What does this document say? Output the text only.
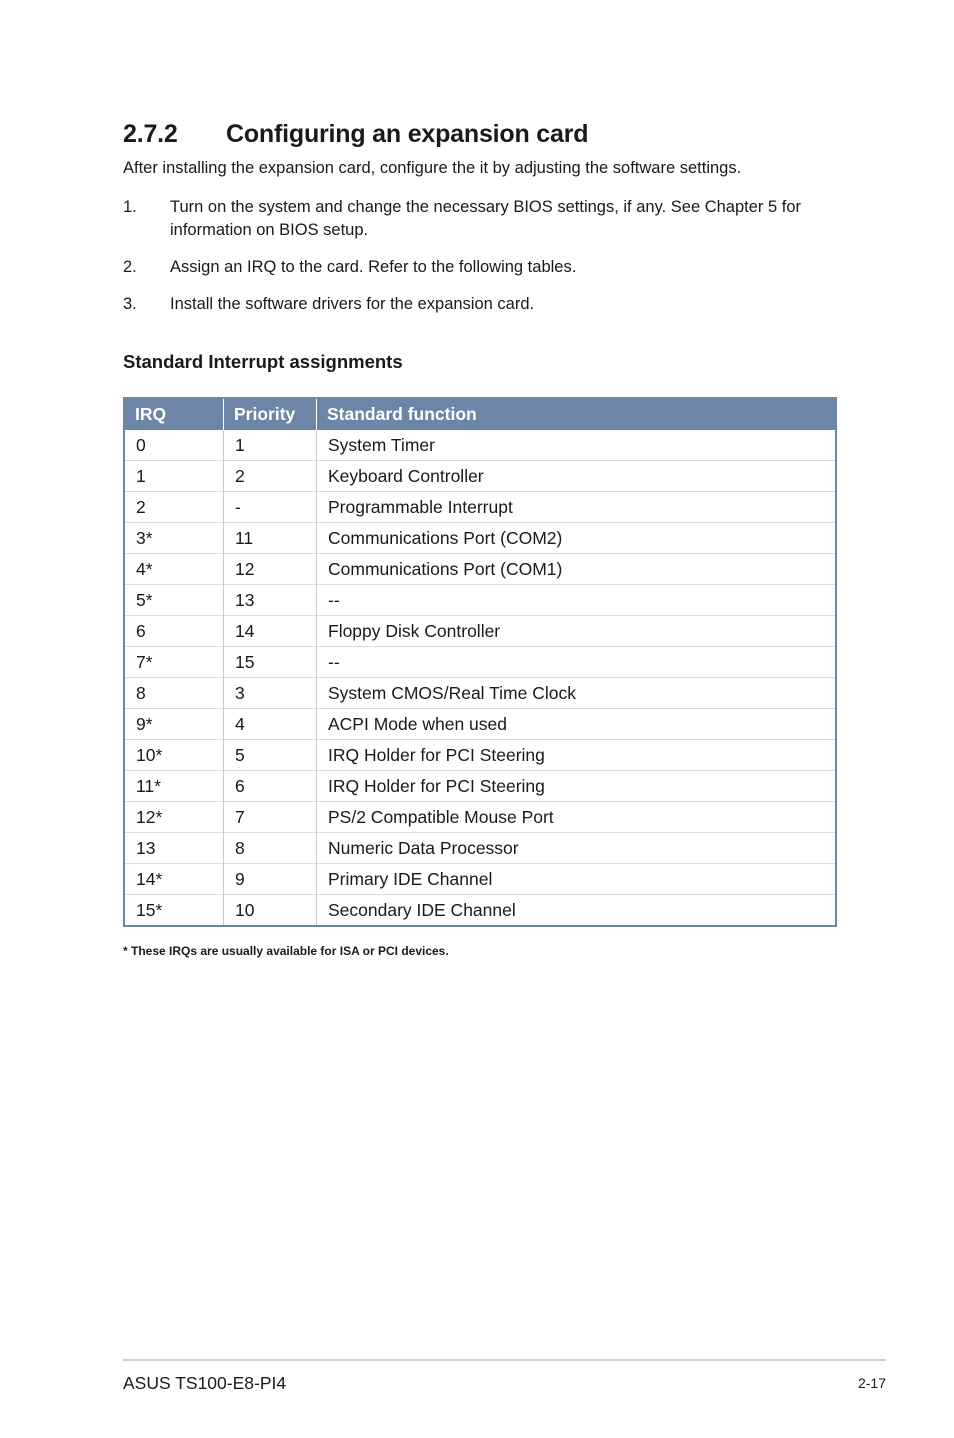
2.7.2 Configuring an expansion card

After installing the expansion card, configure the it by adjusting the software settings.

1.	Turn on the system and change the necessary BIOS settings, if any. See Chapter 5 for information on BIOS setup.
2.	Assign an IRQ to the card. Refer to the following tables.
3.	Install the software drivers for the expansion card.
Standard Interrupt assignments
IRQ	Priority	Standard function
0	1	System Timer
1	2	Keyboard Controller
2	-	Programmable Interrupt
3*	11	Communications Port (COM2)
4*	12	Communications Port (COM1)
5*	13	--
6	14	Floppy Disk Controller
7*	15	--
8	3	System CMOS/Real Time Clock
9*	4	ACPI Mode when used
10*	5	IRQ Holder for PCI Steering
11*	6	IRQ Holder for PCI Steering
12*	7	PS/2 Compatible Mouse Port
13	8	Numeric Data Processor
14*	9	Primary IDE Channel
15*	10	Secondary IDE Channel

* These IRQs are usually available for ISA or PCI devices.

ASUS TS100-E8-PI4	2-17
